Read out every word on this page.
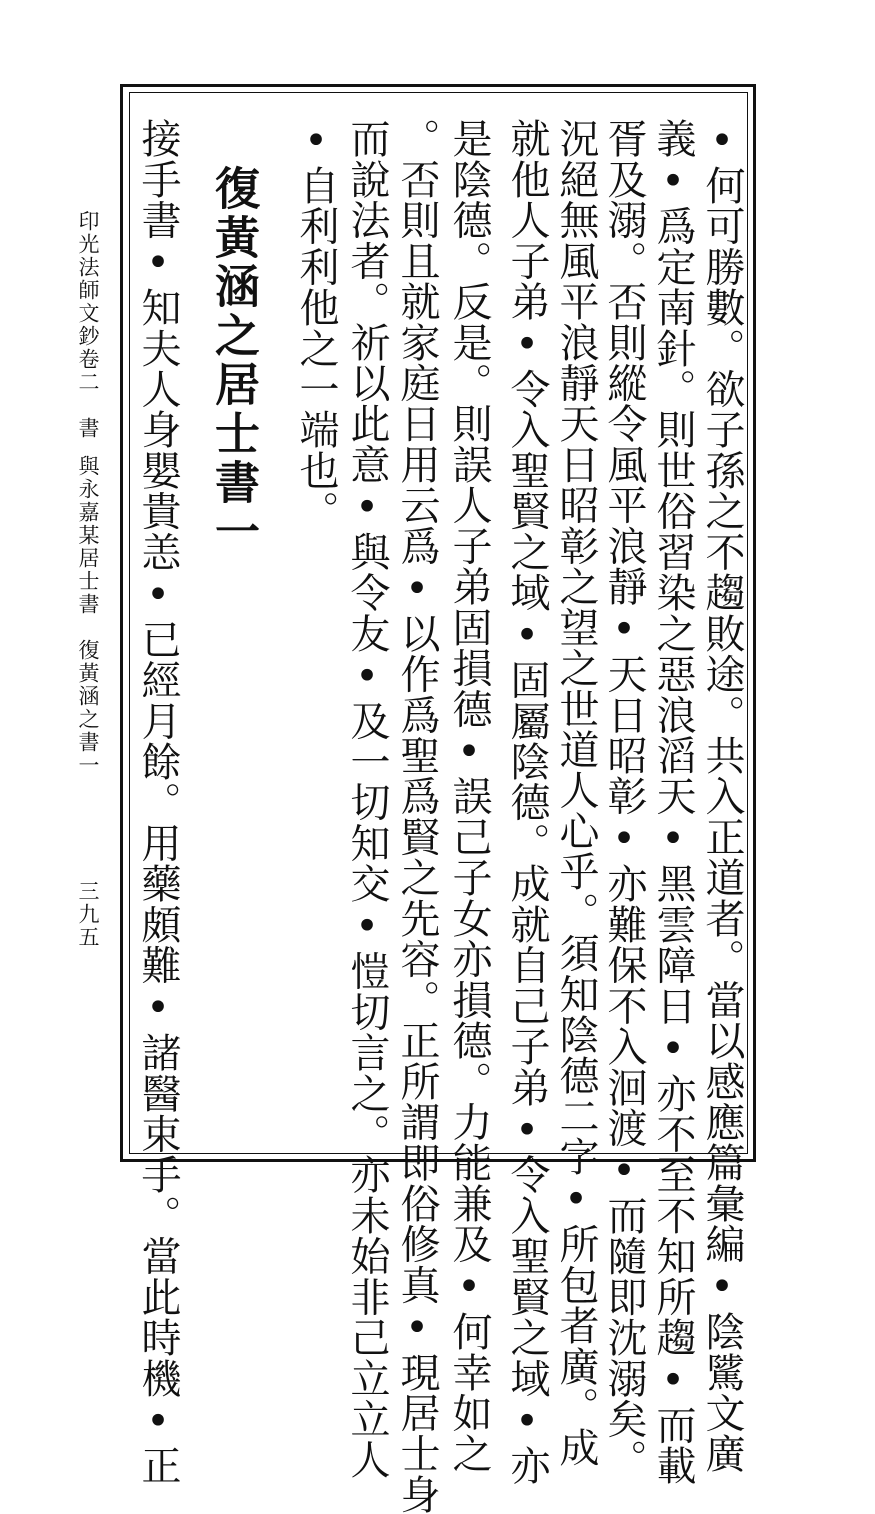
•何可勝數。欲子孫之不趨敗途。共入正道者。當以感應篇彙編•陰騭文廣
義•爲定南針。則世俗習染之惡浪滔天•黑雲障日•亦不至不知所趨•而載
胥及溺。否則縱令風平浪靜•天日昭彰•亦難保不入洄渡•而隨即沈溺矣。
況絕無風平浪靜天日昭彰之望之世道人心乎。須知陰德二字•所包者廣。成
就他人子弟•令入聖賢之域•固屬陰德。成就自己子弟•令入聖賢之域•亦
是陰德。反是。則誤人子弟固損德•誤己子女亦損德。力能兼及•何幸如之
。否則且就家庭日用云爲•以作爲聖爲賢之先容。正所謂即俗修真•現居士身
而說法者。祈以此意•與令友•及一切知交•愷切言之。亦未始非己立立人
•自利利他之一端也。
復黃涵之居士書一
接手書•知夫人身嬰貴恙•已經月餘。用藥頗難•諸醫束手。當此時機•正
印光法師文鈔卷二　書
與永嘉某居士書　復黃涵之書一
三九五
